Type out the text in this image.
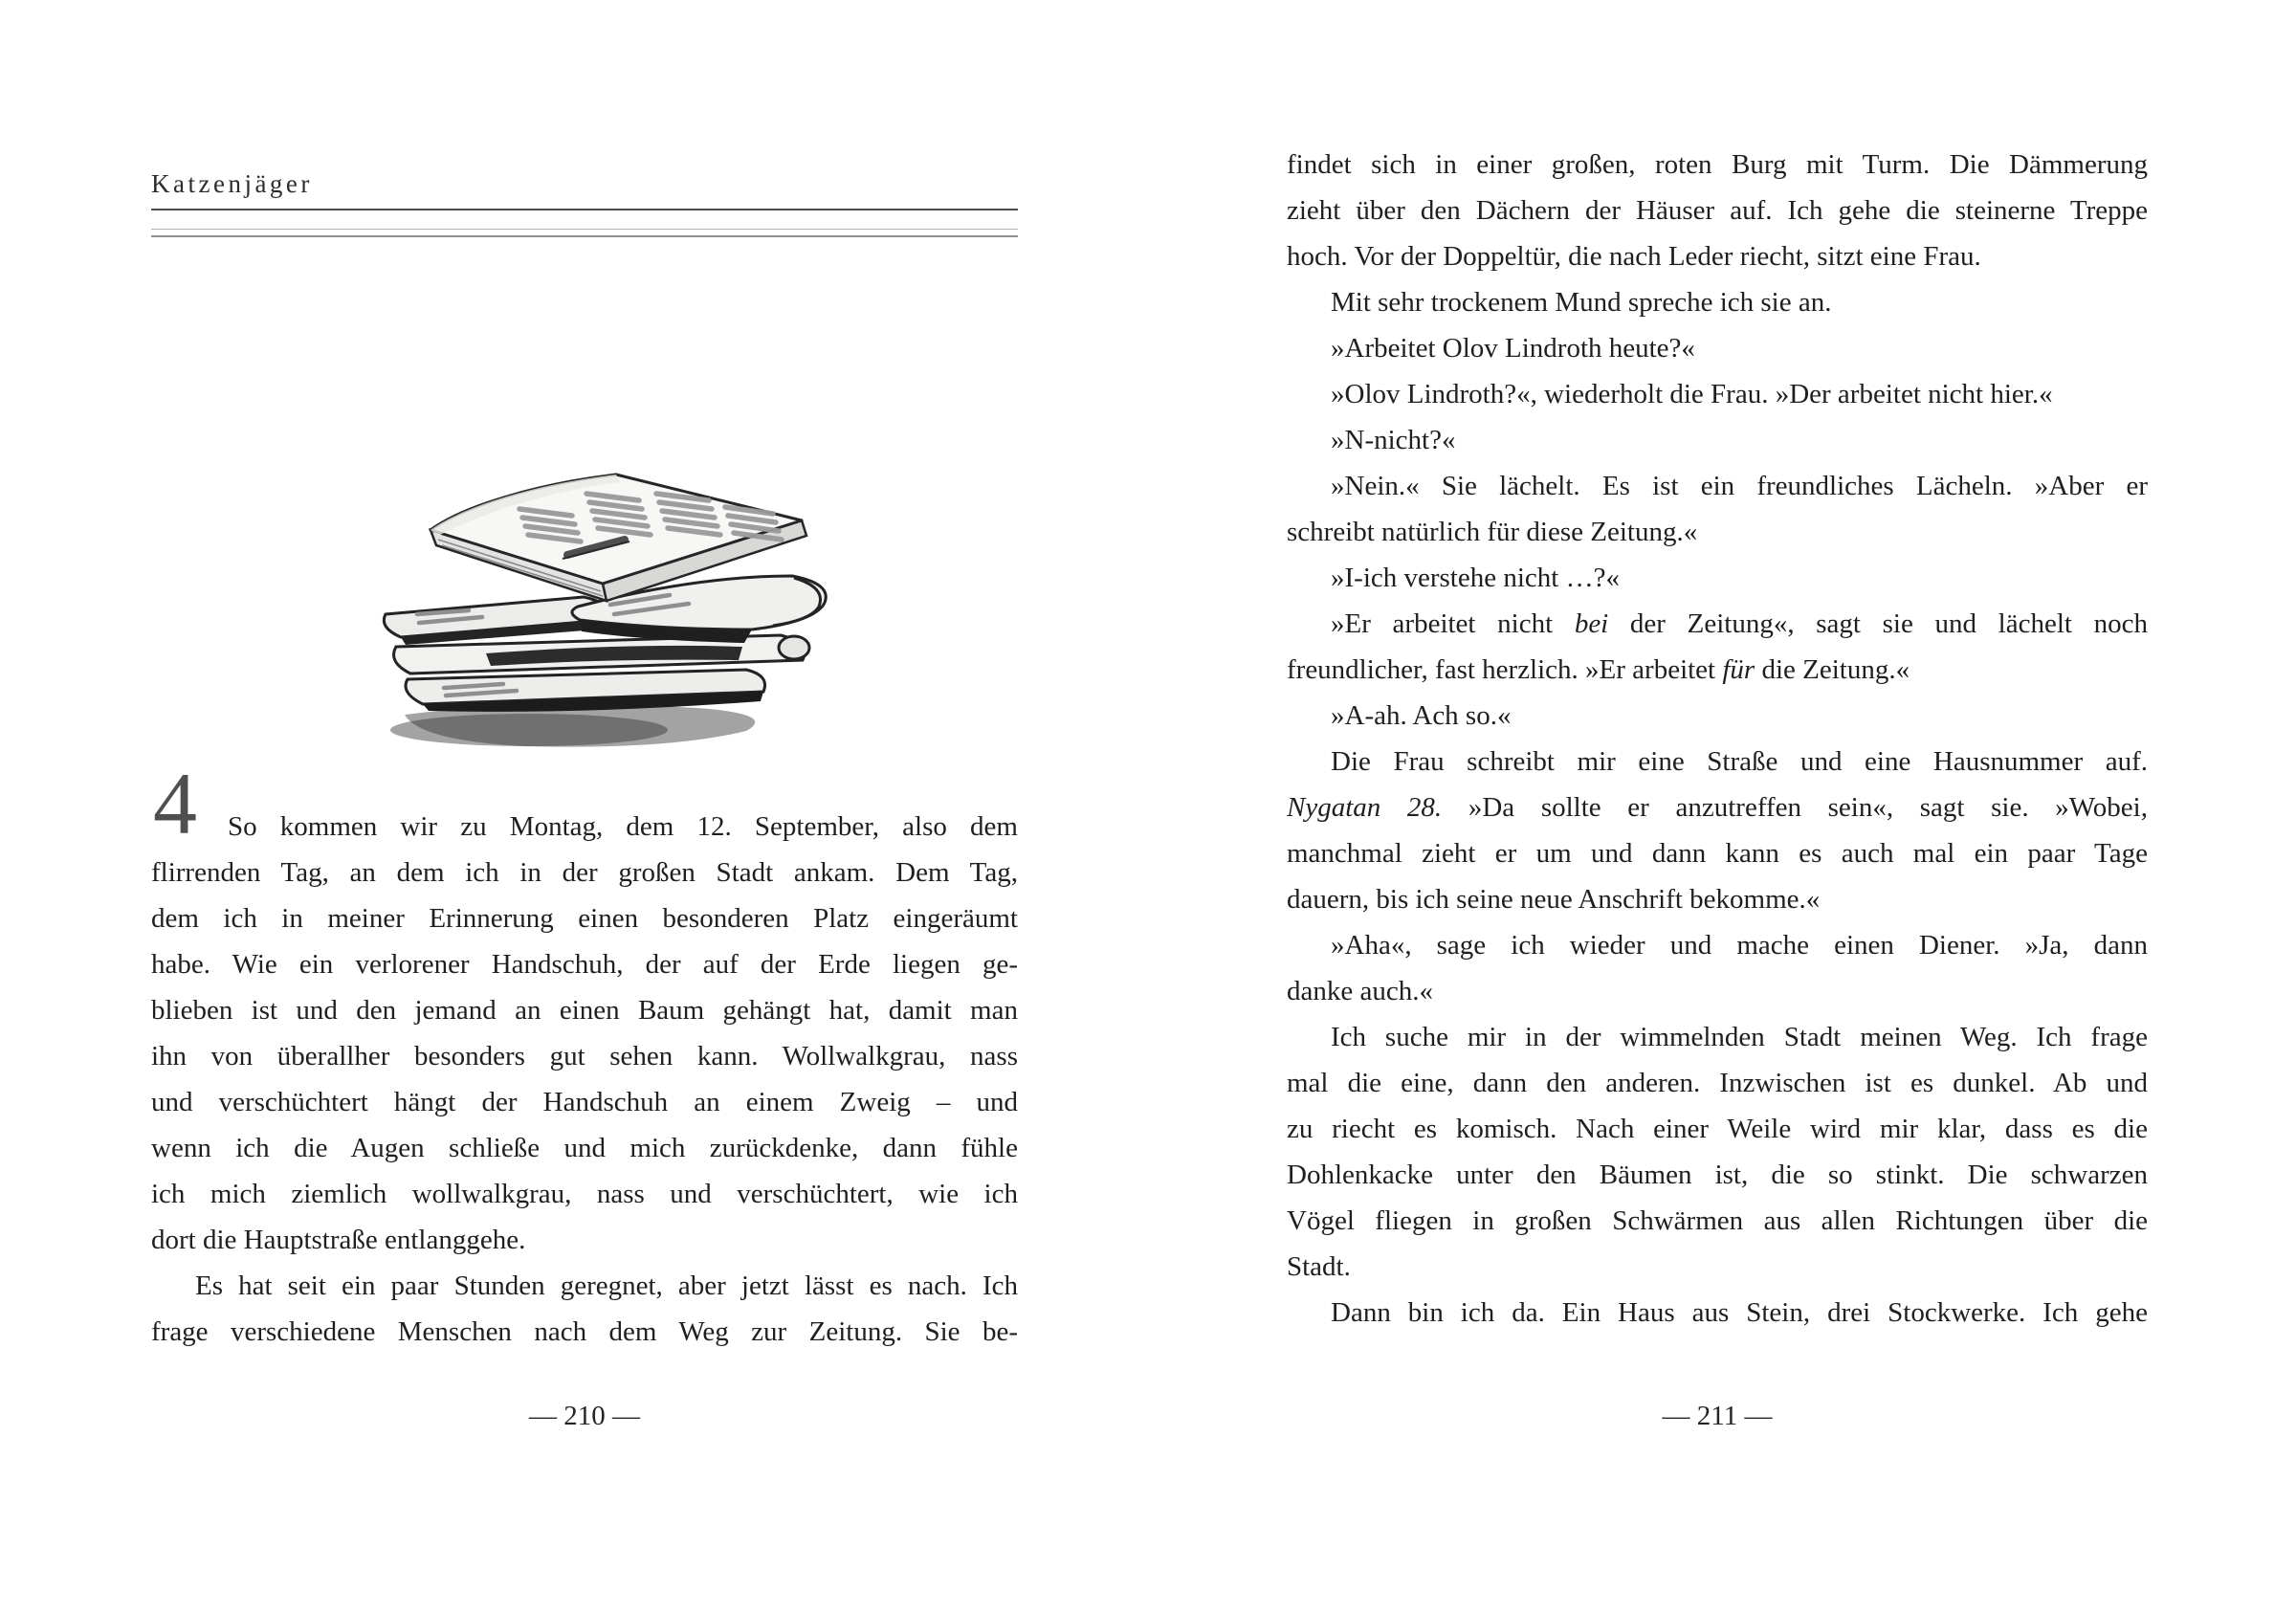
Katzenjäger
4	So kommen wir zu Montag, dem 12. September, also dem
flirrenden Tag, an dem ich in der großen Stadt ankam. Dem Tag,
dem ich in meiner Erinnerung einen besonderen Platz eingeräumt
habe. Wie ein verlorener Handschuh, der auf der Erde liegen ge-
blieben ist und den jemand an einen Baum gehängt hat, damit man
ihn von überallher besonders gut sehen kann. Wollwalkgrau, nass
und verschüchtert hängt der Handschuh an einem Zweig – und
wenn ich die Augen schließe und mich zurückdenke, dann fühle
ich mich ziemlich wollwalkgrau, nass und verschüchtert, wie ich
dort die Hauptstraße entlanggehe.
Es hat seit ein paar Stunden geregnet, aber jetzt lässt es nach. Ich
frage verschiedene Menschen nach dem Weg zur Zeitung. Sie be-
— 210 —
findet sich in einer großen, roten Burg mit Turm. Die Dämmerung
zieht über den Dächern der Häuser auf. Ich gehe die steinerne Treppe
hoch. Vor der Doppeltür, die nach Leder riecht, sitzt eine Frau.
Mit sehr trockenem Mund spreche ich sie an.
»Arbeitet Olov Lindroth heute?«
»Olov Lindroth?«, wiederholt die Frau. »Der arbeitet nicht hier.«
»N-nicht?«
»Nein.« Sie lächelt. Es ist ein freundliches Lächeln. »Aber er
schreibt natürlich für diese Zeitung.«
»I-ich verstehe nicht …?«
»Er arbeitet nicht bei der Zeitung«, sagt sie und lächelt noch
freundlicher, fast herzlich. »Er arbeitet für die Zeitung.«
»A-ah. Ach so.«
Die Frau schreibt mir eine Straße und eine Hausnummer auf.
Nygatan 28. »Da sollte er anzutreffen sein«, sagt sie. »Wobei,
manchmal zieht er um und dann kann es auch mal ein paar Tage
dauern, bis ich seine neue Anschrift bekomme.«
»Aha«, sage ich wieder und mache einen Diener. »Ja, dann
danke auch.«
Ich suche mir in der wimmelnden Stadt meinen Weg. Ich frage
mal die eine, dann den anderen. Inzwischen ist es dunkel. Ab und
zu riecht es komisch. Nach einer Weile wird mir klar, dass es die
Dohlenkacke unter den Bäumen ist, die so stinkt. Die schwarzen
Vögel fliegen in großen Schwärmen aus allen Richtungen über die
Stadt.
Dann bin ich da. Ein Haus aus Stein, drei Stockwerke. Ich gehe
— 211 —
